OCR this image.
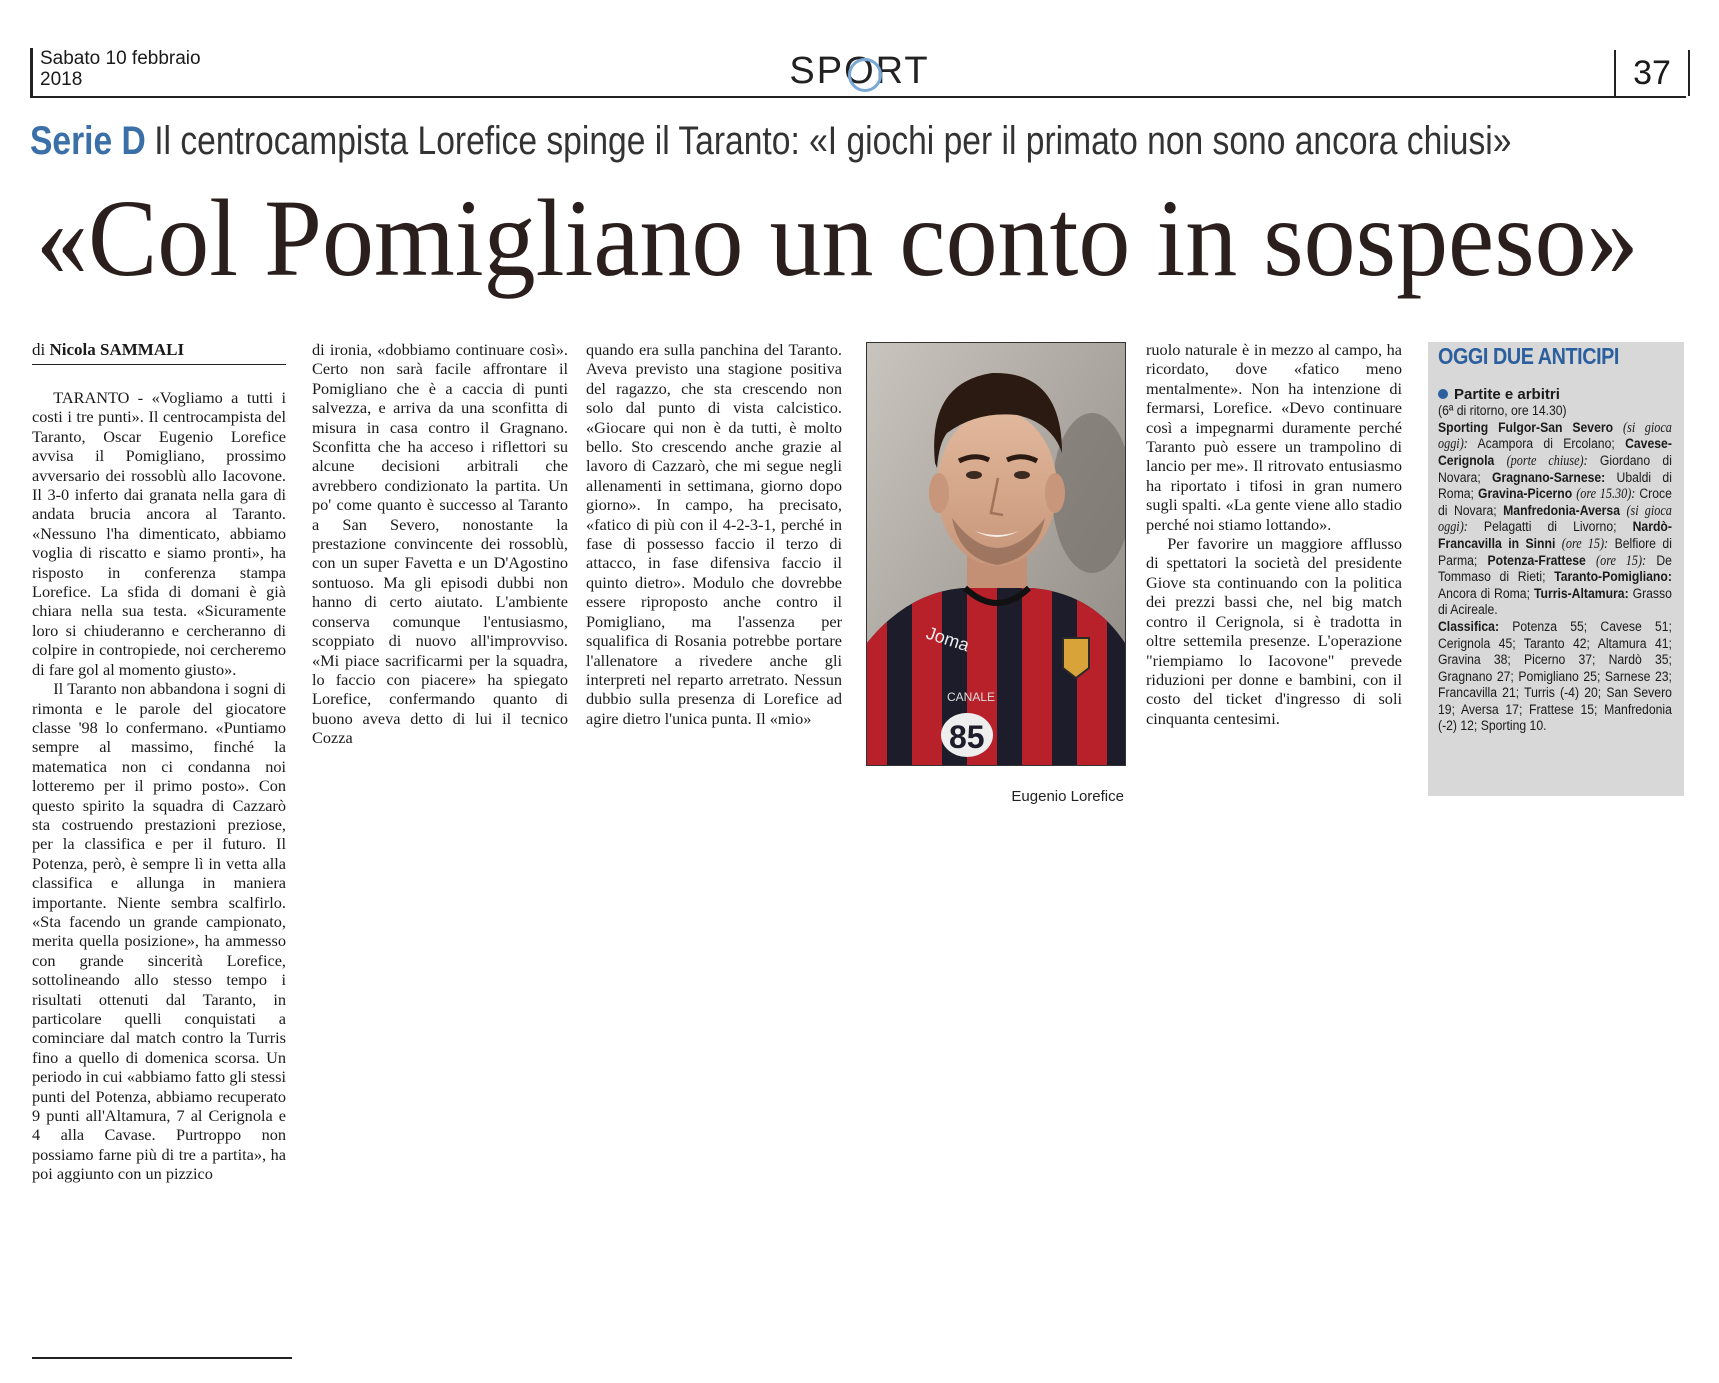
Sabato 10 febbraio
2018	SPORT	37
Serie D Il centrocampista Lorefice spinge il Taranto: «I giochi per il primato non sono ancora chiusi»
«Col Pomigliano un conto in sospeso»
di Nicola SAMMALI

TARANTO - «Vogliamo a tutti i costi i tre punti». Il centrocampista del Taranto, Oscar Eugenio Lorefice avvisa il Pomigliano, prossimo avversario dei rossoblù allo Iacovone. Il 3-0 inferto dai granata nella gara di andata brucia ancora al Taranto. «Nessuno l'ha dimenticato, abbiamo voglia di riscatto e siamo pronti», ha risposto in conferenza stampa Lorefice. La sfida di domani è già chiara nella sua testa. «Sicuramente loro si chiuderanno e cercheranno di colpire in contropiede, noi cercheremo di fare gol al momento giusto».

Il Taranto non abbandona i sogni di rimonta e le parole del giocatore classe '98 lo confermano. «Puntiamo sempre al massimo, finché la matematica non ci condanna noi lotteremo per il primo posto». Con questo spirito la squadra di Cazzarò sta costruendo prestazioni preziose, per la classifica e per il futuro. Il Potenza, però, è sempre lì in vetta alla classifica e allunga in maniera importante. Niente sembra scalfirlo. «Sta facendo un grande campionato, merita quella posizione», ha ammesso con grande sincerità Lorefice, sottolineando allo stesso tempo i risultati ottenuti dal Taranto, in particolare quelli conquistati a cominciare dal match contro la Turris fino a quello di domenica scorsa. Un periodo in cui «abbiamo fatto gli stessi punti del Potenza, abbiamo recuperato 9 punti all'Altamura, 7 al Cerignola e 4 alla Cavase. Purtroppo non possiamo farne più di tre a partita», ha poi aggiunto con un pizzico

di ironia, «dobbiamo continuare così». Certo non sarà facile affrontare il Pomigliano che è a caccia di punti salvezza, e arriva da una sconfitta di misura in casa contro il Gragnano. Sconfitta che ha acceso i riflettori su alcune decisioni arbitrali che avrebbero condizionato la partita. Un po' come quanto è successo al Taranto a San Severo, nonostante la prestazione convincente dei rossoblù, con un super Favetta e un D'Agostino sontuoso. Ma gli episodi dubbi non hanno di certo aiutato. L'ambiente conserva comunque l'entusiasmo, scoppiato di nuovo all'improvviso. «Mi piace sacrificarmi per la squadra, lo faccio con piacere» ha spiegato Lorefice, confermando quanto di buono aveva detto di lui il tecnico Cozza

quando era sulla panchina del Taranto. Aveva previsto una stagione positiva del ragazzo, che sta crescendo non solo dal punto di vista calcistico. «Giocare qui non è da tutti, è molto bello. Sto crescendo anche grazie al lavoro di Cazzarò, che mi segue negli allenamenti in settimana, giorno dopo giorno». In campo, ha precisato, «fatico di più con il 4-2-3-1, perché in fase di possesso faccio il terzo di attacco, in fase difensiva faccio il quinto dietro». Modulo che dovrebbe essere riproposto anche contro il Pomigliano, ma l'assenza per squalifica di Rosania potrebbe portare l'allenatore a rivedere anche gli interpreti nel reparto arretrato. Nessun dubbio sulla presenza di Lorefice ad agire dietro l'unica punta. Il «mio»

Joma
CANALE
85
Eugenio Lorefice

ruolo naturale è in mezzo al campo, ha ricordato, dove «fatico meno mentalmente». Non ha intenzione di fermarsi, Lorefice. «Devo continuare così a impegnarmi duramente perché Taranto può essere un trampolino di lancio per me». Il ritrovato entusiasmo ha riportato i tifosi in gran numero sugli spalti. «La gente viene allo stadio perché noi stiamo lottando».

Per favorire un maggiore afflusso di spettatori la società del presidente Giove sta continuando con la politica dei prezzi bassi che, nel big match contro il Cerignola, si è tradotta in oltre settemila presenze. L'operazione "riempiamo lo Iacovone" prevede riduzioni per donne e bambini, con il costo del ticket d'ingresso di soli cinquanta centesimi.

OGGI DUE ANTICIPI
Partite e arbitri
(6ª di ritorno, ore 14.30)
Sporting Fulgor-San Severo (si gioca oggi): Acampora di Ercolano; Cavese-Cerignola (porte chiuse): Giordano di Novara; Gragnano-Sarnese: Ubaldi di Roma; Gravina-Picerno (ore 15.30): Croce di Novara; Manfredonia-Aversa (si gioca oggi): Pelagatti di Livorno; Nardò-Francavilla in Sinni (ore 15): Belfiore di Parma; Potenza-Frattese (ore 15): De Tommaso di Rieti; Taranto-Pomigliano: Ancora di Roma; Turris-Altamura: Grasso di Acireale.
Classifica: Potenza 55; Cavese 51; Cerignola 45; Taranto 42; Altamura 41; Gravina 38; Picerno 37; Nardò 35; Gragnano 27; Pomigliano 25; Sarnese 23; Francavilla 21; Turris (-4) 20; San Severo 19; Aversa 17; Frattese 15; Manfredonia (-2) 12; Sporting 10.
